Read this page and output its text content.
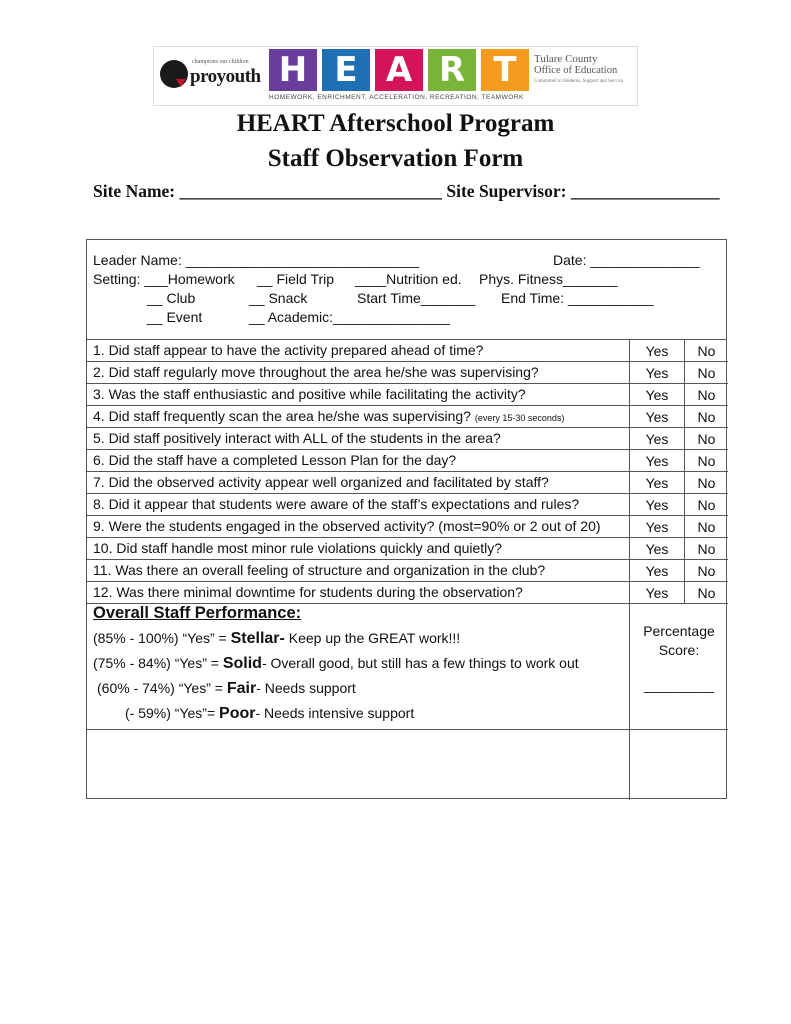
champions our children
proyouth H E A R T
HOMEWORK, ENRICHMENT, ACCELERATION, RECREATION, TEAMWORK
Tulare County
Office of Education
Committed to Students, Support and Service
HEART Afterschool Program
Staff Observation Form
Site Name: ______________________________ Site Supervisor: _________________
Leader Name: ______________________________	Date: ______________
Setting: ___Homework __ Field Trip ____Nutrition ed. Phys. Fitness_______
__ Club	__ Snack	Start Time_______ End Time: ___________
__ Event	__ Academic:_______________
1. Did staff appear to have the activity prepared ahead of time?	Yes	No
2. Did staff regularly move throughout the area he/she was supervising?	Yes	No
3. Was the staff enthusiastic and positive while facilitating the activity?	Yes	No
4. Did staff frequently scan the area he/she was supervising? (every 15-30 seconds)	Yes	No
5. Did staff positively interact with ALL of the students in the area?	Yes	No
6. Did the staff have a completed Lesson Plan for the day?	Yes	No
7. Did the observed activity appear well organized and facilitated by staff?	Yes	No
8. Did it appear that students were aware of the staff’s expectations and rules?	Yes	No
9. Were the students engaged in the observed activity? (most=90% or 2 out of 20)	Yes	No
10. Did staff handle most minor rule violations quickly and quietly?	Yes	No
11. Was there an overall feeling of structure and organization in the club?	Yes	No
12. Was there minimal downtime for students during the observation?	Yes	No
Overall Staff Performance:
(85% - 100%) “Yes” = Stellar- Keep up the GREAT work!!!
(75% - 84%) “Yes” = Solid- Overall good, but still has a few things to work out
(60% - 74%) “Yes” = Fair- Needs support
(- 59%) “Yes”= Poor- Needs intensive support
Percentage
Score:
_________
